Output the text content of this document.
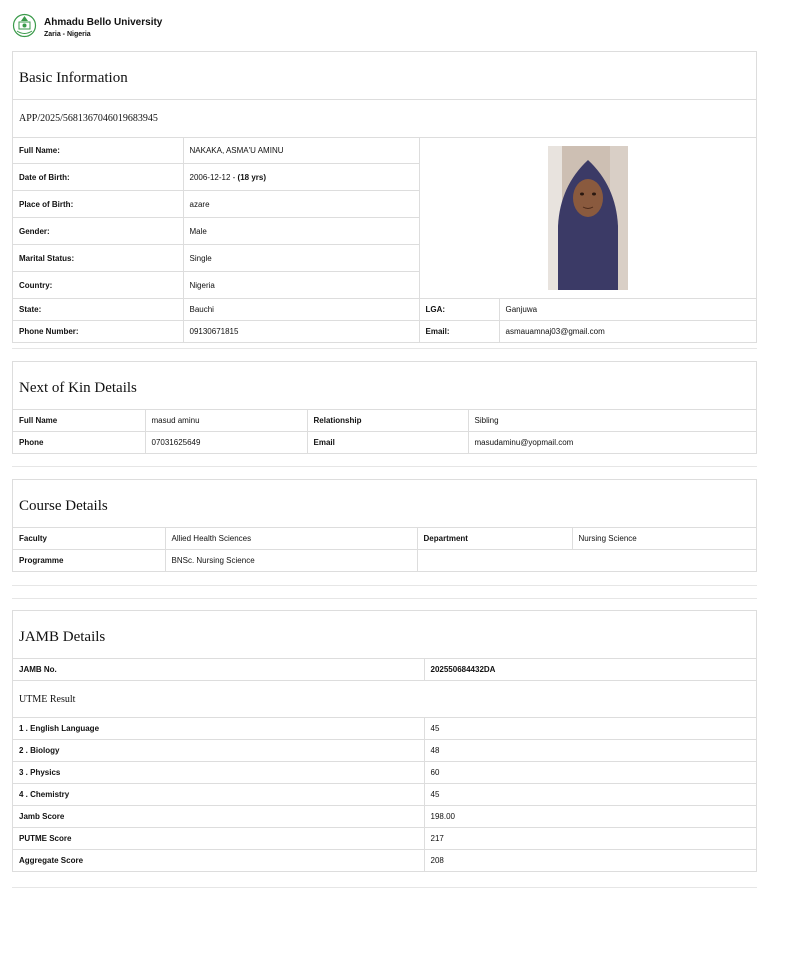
Ahmadu Bello University
Zaria - Nigeria
Basic Information
APP/2025/5681367046019683945
Full Name:	NAKAKA, ASMA'U AMINU	

Date of Birth:	2006-12-12 - (18 yrs)		
Place of Birth:	azare		
Gender:	Male		
Marital Status:	Single		
Country:	Nigeria		
State:	Bauchi	LGA:	Ganjuwa
Phone Number:	09130671815	Email:	asmauamnaj03@gmail.com
Next of Kin Details
Full Name	masud aminu	Relationship	Sibling
Phone	07031625649	Email	masudaminu@yopmail.com
Course Details
Faculty	Allied Health Sciences	Department	Nursing Science
Programme	BNSc. Nursing Science		
JAMB Details
JAMB No.	202550684432DA
UTME Result	
1 . English Language	45
2 . Biology	48
3 . Physics	60
4 . Chemistry	45
Jamb Score	198.00
PUTME Score	217
Aggregate Score	208
